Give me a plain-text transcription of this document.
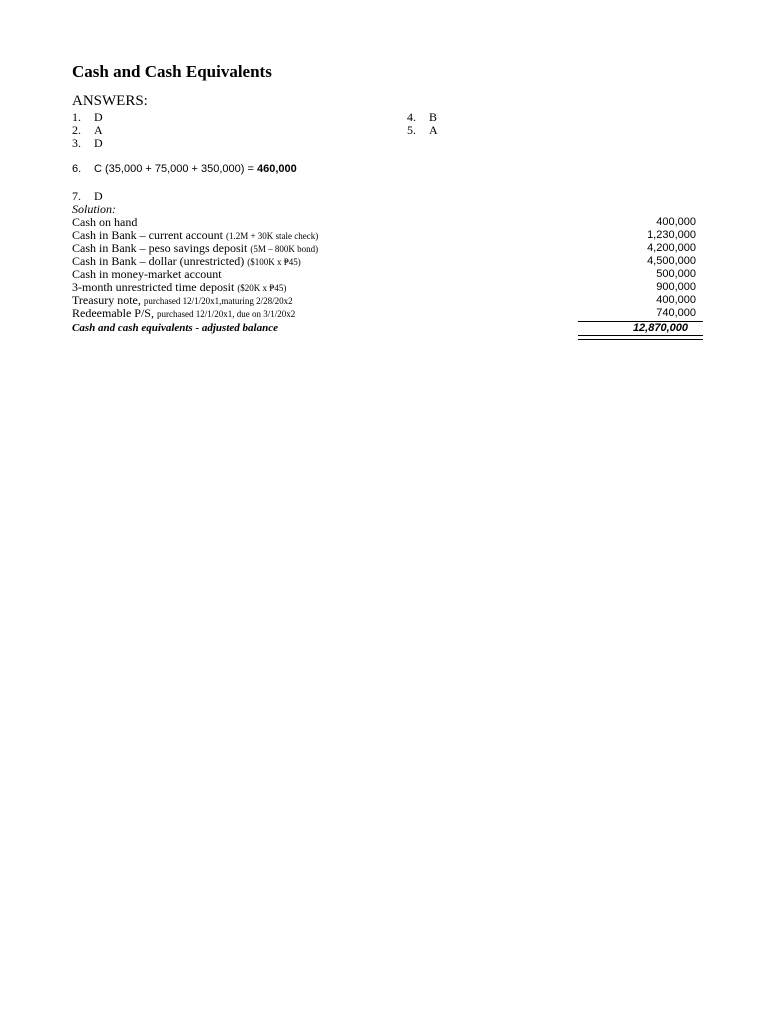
Cash and Cash Equivalents
ANSWERS:
1. D
2. A
3. D
4. B
5. A
6. C (35,000 + 75,000 + 350,000) = 460,000
7. D
Solution:
Cash on hand	400,000
Cash in Bank – current account (1.2M + 30K stale check)	1,230,000
Cash in Bank – peso savings deposit (5M – 800K bond)	4,200,000
Cash in Bank – dollar (unrestricted) ($100K x ₱45)	4,500,000
Cash in money-market account	500,000
3-month unrestricted time deposit ($20K x ₱45)	900,000
Treasury note, purchased 12/1/20x1,maturing 2/28/20x2	400,000
Redeemable P/S, purchased 12/1/20x1, due on 3/1/20x2	740,000
Cash and cash equivalents - adjusted balance	12,870,000
